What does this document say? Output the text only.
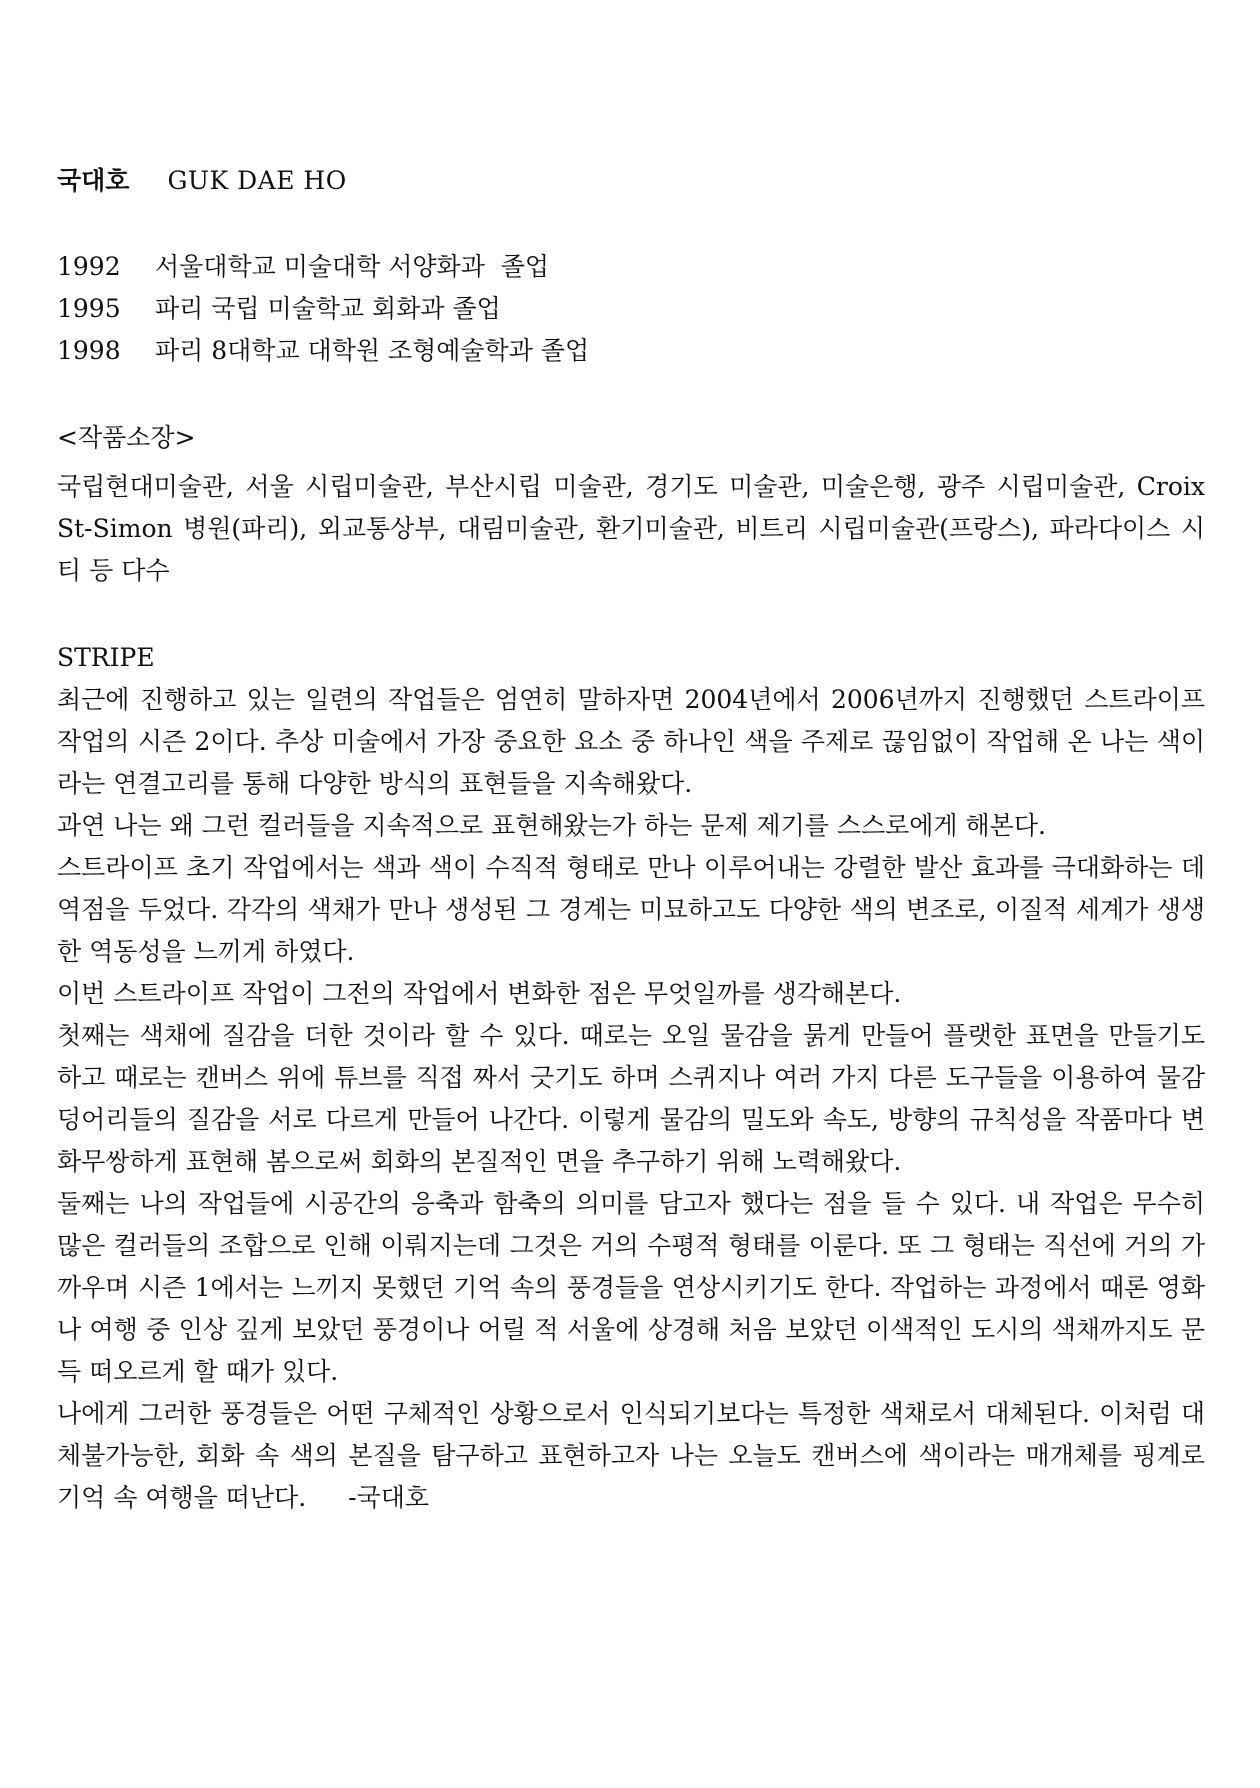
국대호 GUK DAE HO
1992 서울대학교 미술대학 서양화과  졸업
1995 파리 국립 미술학교 회화과 졸업
1998 파리 8대학교 대학원 조형예술학과 졸업
<작품소장>
국립현대미술관, 서울 시립미술관, 부산시립 미술관, 경기도 미술관, 미술은행, 광주 시립미술관, Croix St-Simon 병원(파리), 외교통상부, 대림미술관, 환기미술관, 비트리 시립미술관(프랑스), 파라다이스 시티 등 다수
STRIPE

최근에 진행하고 있는 일련의 작업들은 엄연히 말하자면 2004년에서 2006년까지 진행했던 스트라이프 작업의 시즌 2이다. 추상 미술에서 가장 중요한 요소 중 하나인 색을 주제로 끊임없이 작업해 온 나는 색이라는 연결고리를 통해 다양한 방식의 표현들을 지속해왔다.

과연 나는 왜 그런 컬러들을 지속적으로 표현해왔는가 하는 문제 제기를 스스로에게 해본다.

스트라이프 초기 작업에서는 색과 색이 수직적 형태로 만나 이루어내는 강렬한 발산 효과를 극대화하는 데 역점을 두었다. 각각의 색채가 만나 생성된 그 경계는 미묘하고도 다양한 색의 변조로, 이질적 세계가 생생한 역동성을 느끼게 하였다.

이번 스트라이프 작업이 그전의 작업에서 변화한 점은 무엇일까를 생각해본다.

첫째는 색채에 질감을 더한 것이라 할 수 있다. 때로는 오일 물감을 묽게 만들어 플랫한 표면을 만들기도 하고 때로는 캔버스 위에 튜브를 직접 짜서 긋기도 하며 스퀴지나 여러 가지 다른 도구들을 이용하여 물감 덩어리들의 질감을 서로 다르게 만들어 나간다. 이렇게 물감의 밀도와 속도, 방향의 규칙성을 작품마다 변화무쌍하게 표현해 봄으로써 회화의 본질적인 면을 추구하기 위해 노력해왔다.

둘째는 나의 작업들에 시공간의 응축과 함축의 의미를 담고자 했다는 점을 들 수 있다. 내 작업은 무수히 많은 컬러들의 조합으로 인해 이뤄지는데 그것은 거의 수평적 형태를 이룬다. 또 그 형태는 직선에 거의 가까우며 시즌 1에서는 느끼지 못했던 기억 속의 풍경들을 연상시키기도 한다. 작업하는 과정에서 때론 영화나 여행 중 인상 깊게 보았던 풍경이나 어릴 적 서울에 상경해 처음 보았던 이색적인 도시의 색채까지도 문득 떠오르게 할 때가 있다.

나에게 그러한 풍경들은 어떤 구체적인 상황으로서 인식되기보다는 특정한 색채로서 대체된다. 이처럼 대체불가능한, 회화 속 색의 본질을 탐구하고 표현하고자 나는 오늘도 캔버스에 색이라는 매개체를 핑계로 기억 속 여행을 떠난다. -국대호
